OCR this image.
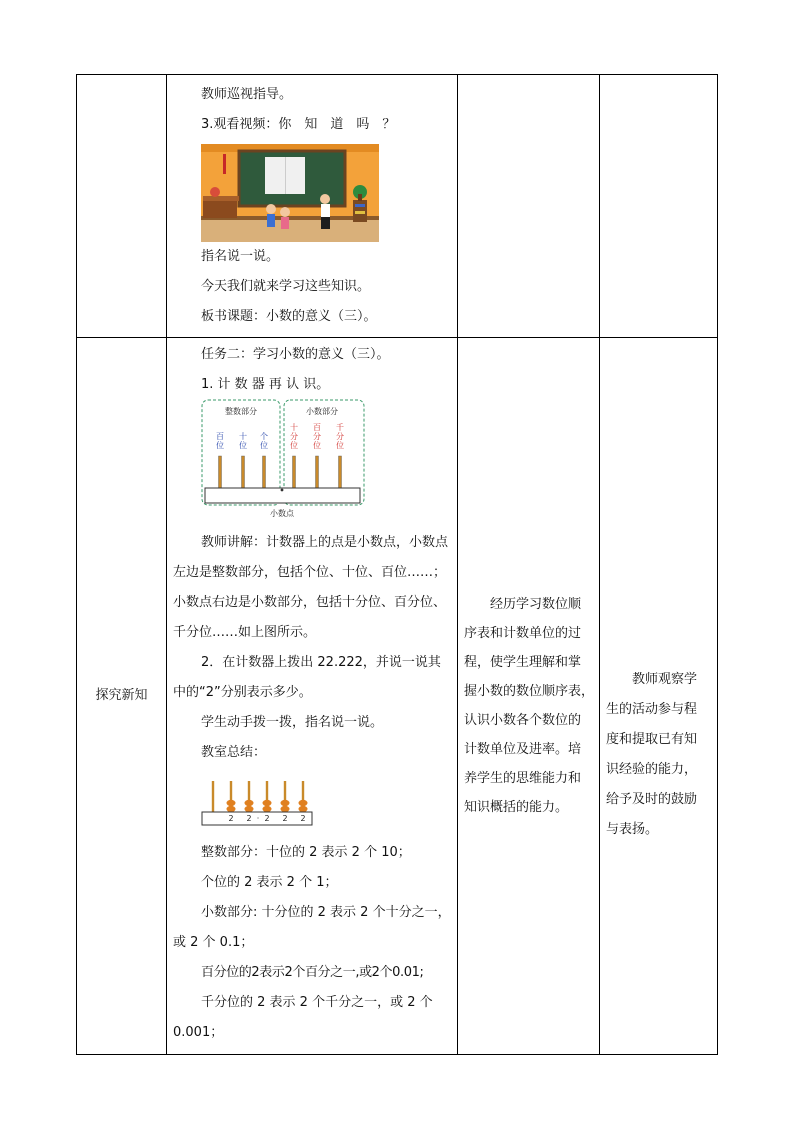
教师巡视指导。

3.观看视频：你　知　道　吗　？

指名说一说。

今天我们就来学习这些知识。

板书课题：小数的意义（三）。

探究新知

任务二：学习小数的意义（三）。

1. 计 数 器 再 认 识。

整数部分	小数部分
百
位
十
位
个
位
十
分
位
百
分
位
千
分
位
小数点

教师讲解：计数器上的点是小数点，小数点左边是整数部分，包括个位、十位、百位……；小数点右边是小数部分，包括十分位、百分位、千分位……如上图所示。

2．在计数器上拨出 22.222，并说一说其中的“2”分别表示多少。

学生动手拨一拨，指名说一说。

教室总结：

2 2 · 2 2 2

整数部分：十位的 2 表示 2 个 10；

个位的 2 表示 2 个 1；

小数部分: 十分位的 2 表示 2 个十分之一，

或 2 个 0.1；

百分位的2表示2个百分之一,或2个0.01;

千分位的 2 表示 2 个千分之一，或 2 个

0.001；

经历学习数位顺
序表和计数单位的过
程，使学生理解和掌
握小数的数位顺序表，
认识小数各个数位的
计数单位及进率。培
养学生的思维能力和
知识概括的能力。
教师观察学
生的活动参与程
度和提取已有知
识经验的能力，
给予及时的鼓励
与表扬。
